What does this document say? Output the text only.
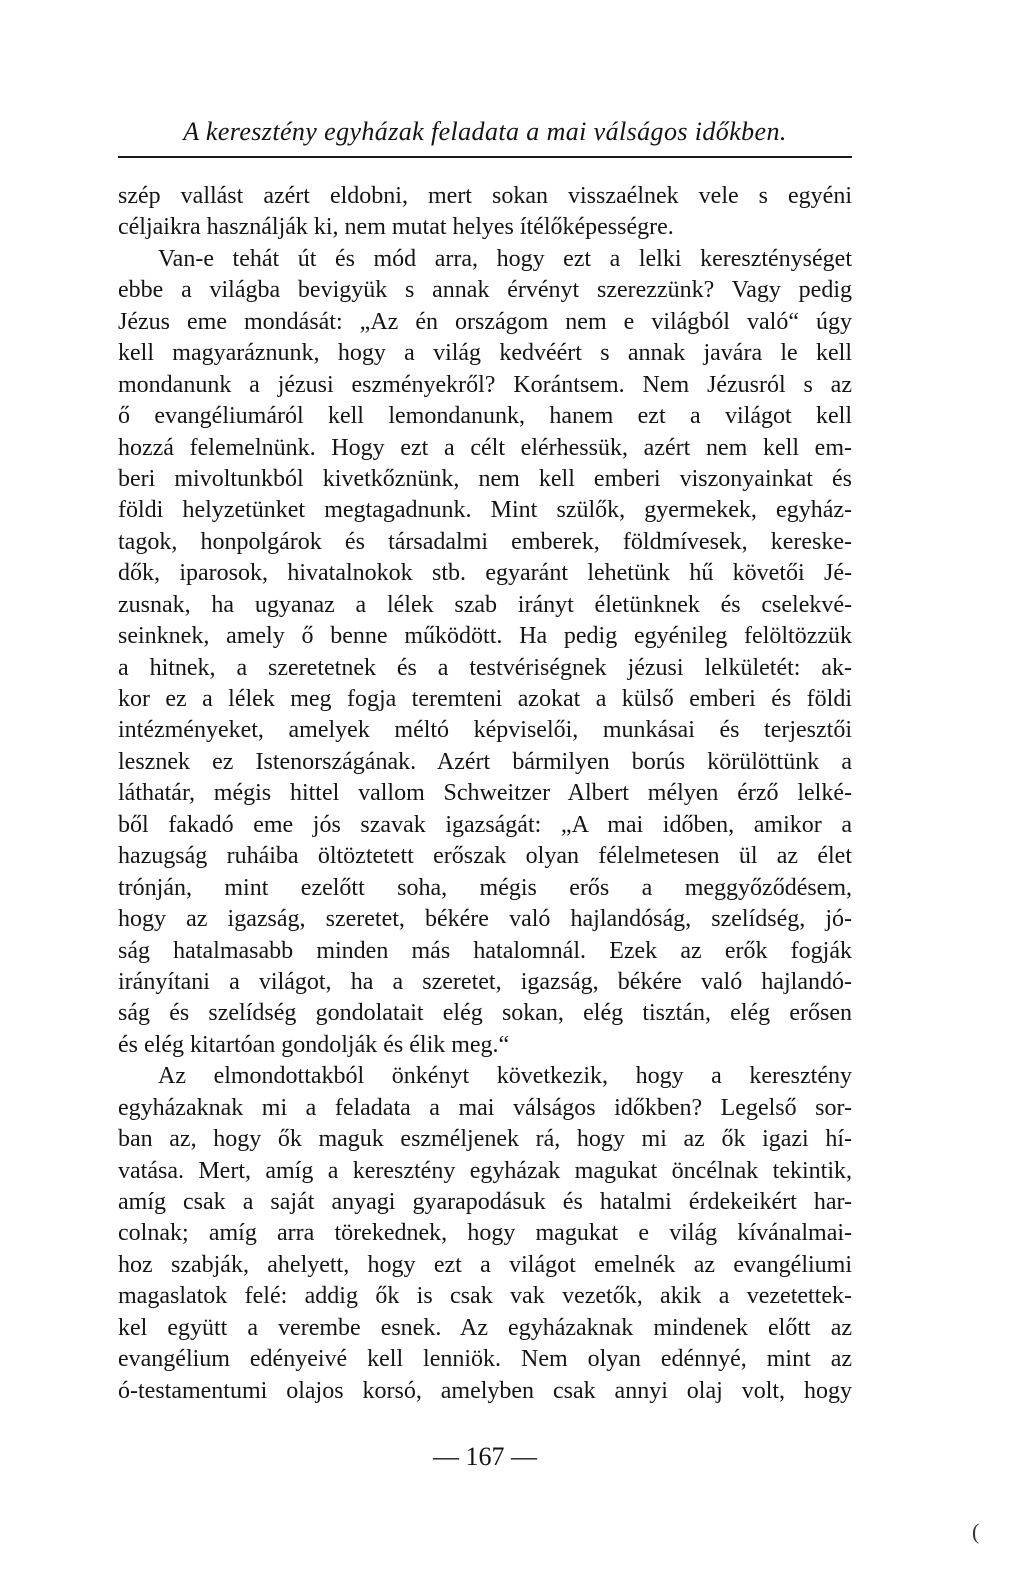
A keresztény egyházak feladata a mai válságos időkben.
szép vallást azért eldobni, mert sokan visszaélnek vele s egyéni
céljaikra használják ki, nem mutat helyes ítélőképességre.
Van-e tehát út és mód arra, hogy ezt a lelki kereszténységet
ebbe a világba bevigyük s annak érvényt szerezzünk? Vagy pedig
Jézus eme mondását: „Az én országom nem e világból való“ úgy
kell magyaráznunk, hogy a világ kedvéért s annak javára le kell
mondanunk a jézusi eszményekről? Korántsem. Nem Jézusról s az
ő evangéliumáról kell lemondanunk, hanem ezt a világot kell
hozzá felemelnünk. Hogy ezt a célt elérhessük, azért nem kell em-
beri mivoltunkból kivetkőznünk, nem kell emberi viszonyainkat és
földi helyzetünket megtagadnunk. Mint szülők, gyermekek, egyház-
tagok, honpolgárok és társadalmi emberek, földmívesek, kereske-
dők, iparosok, hivatalnokok stb. egyaránt lehetünk hű követői Jé-
zusnak, ha ugyanaz a lélek szab irányt életünknek és cselekvé-
seinknek, amely ő benne működött. Ha pedig egyénileg felöltözzük
a hitnek, a szeretetnek és a testvériségnek jézusi lelkületét: ak-
kor ez a lélek meg fogja teremteni azokat a külső emberi és földi
intézményeket, amelyek méltó képviselői, munkásai és terjesztői
lesznek ez Istenországának. Azért bármilyen borús körülöttünk a
láthatár, mégis hittel vallom Schweitzer Albert mélyen érző lelké-
ből fakadó eme jós szavak igazságát: „A mai időben, amikor a
hazugság ruháiba öltöztetett erőszak olyan félelmetesen ül az élet
trónján, mint ezelőtt soha, mégis erős a meggyőződésem,
hogy az igazság, szeretet, békére való hajlandóság, szelídség, jó-
ság hatalmasabb minden más hatalomnál. Ezek az erők fogják
irányítani a világot, ha a szeretet, igazság, békére való hajlandó-
ság és szelídség gondolatait elég sokan, elég tisztán, elég erősen
és elég kitartóan gondolják és élik meg.“
Az elmondottakból önkényt következik, hogy a keresztény
egyházaknak mi a feladata a mai válságos időkben? Legelső sor-
ban az, hogy ők maguk eszméljenek rá, hogy mi az ők igazi hí-
vatása. Mert, amíg a keresztény egyházak magukat öncélnak tekintik,
amíg csak a saját anyagi gyarapodásuk és hatalmi érdekeikért har-
colnak; amíg arra törekednek, hogy magukat e világ kívánalmai-
hoz szabják, ahelyett, hogy ezt a világot emelnék az evangéliumi
magaslatok felé: addig ők is csak vak vezetők, akik a vezetettek-
kel együtt a verembe esnek. Az egyházaknak mindenek előtt az
evangélium edényeivé kell lenniök. Nem olyan edénnyé, mint az
ó-testamentumi olajos korsó, amelyben csak annyi olaj volt, hogy
— 167 —
(
